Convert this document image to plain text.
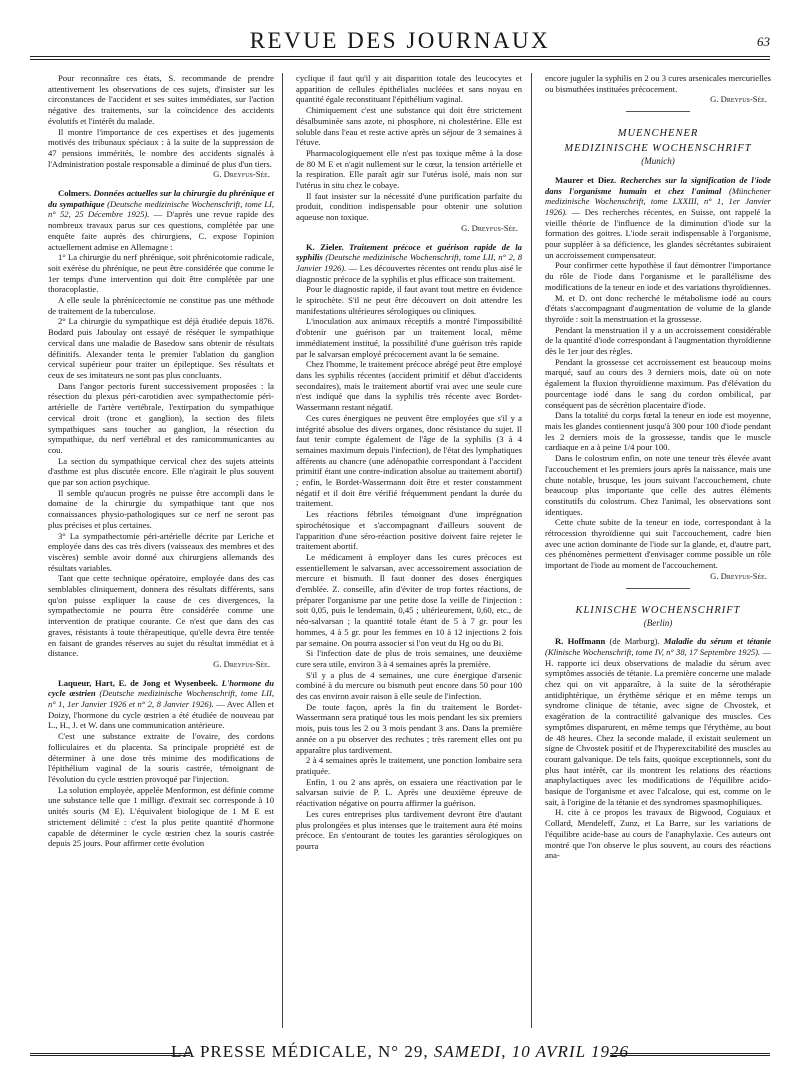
REVUE DES JOURNAUX	63

Pour reconnaître ces états, S. recommande de prendre attentivement les observations de ces sujets, d'insister sur les circonstances de l'accident et ses suites immédiates, sur l'action négative des traitements, sur la coïncidence des accidents évolutifs et l'intérêt du malade.

Il montre l'importance de ces expertises et des jugements motivés des tribunaux spéciaux : à la suite de la suppression de 47 pensions immérités, le nombre des accidents signalés à l'Administration postale responsable a diminué de plus d'un tiers.

G. Dreyfus-Sée.

Colmers. Données actuelles sur la chirurgie du phrénique et du sympathique (Deutsche medizinische Wochenschrift, tome LI, n° 52, 25 Décembre 1925). — D'après une revue rapide des nombreux travaux parus sur ces questions, complétée par une enquête faite auprès des chirurgiens, C. expose l'opinion actuellement admise en Allemagne :

1° La chirurgie du nerf phrénique, soit phrénicotomie radicale, soit exérèse du phrénique, ne peut être considérée que comme le 1er temps d'une intervention qui doit être complétée par une thoracoplastie.

A elle seule la phrénicectomie ne constitue pas une méthode de traitement de la tuberculose.

2° La chirurgie du sympathique est déjà étudiée depuis 1876. Bodard puis Jaboulay ont essayé de réséquer le sympathique cervical dans une maladie de Basedow sans obtenir de résultats définitifs. Alexander tenta le premier l'ablation du ganglion cervical supérieur pour traiter un épileptique. Ses résultats et ceux de ses imitateurs ne sont pas plus concluants.

Dans l'angor pectoris furent successivement proposées : la résection du plexus péri-carotidien avec sympathectomie péri-artérielle de l'artère vertébrale, l'extirpation du sympathique cervical droit (tronc et ganglion), la section des filets sympathiques sans toucher au ganglion, la résection du sympathique, du nerf vertébral et des ramicommunicantes au cou.

La section du sympathique cervical chez des sujets atteints d'asthme est plus discutée encore. Elle n'agirait le plus souvent que par son action psychique.

Il semble qu'aucun progrès ne puisse être accompli dans le domaine de la chirurgie du sympathique tant que nos connaissances physio-pathologiques sur ce nerf ne seront pas plus précises et plus certaines.

3° La sympathectomie péri-artérielle décrite par Leriche et employée dans des cas très divers (vaisseaux des membres et des viscères) semble avoir donné aux chirurgiens allemands des résultats variables.

Tant que cette technique opératoire, employée dans des cas semblables cliniquement, donnera des résultats différents, sans qu'on puisse expliquer la cause de ces divergences, la sympathectomie ne pourra être considérée comme une intervention de pratique courante. Ce n'est que dans des cas graves, résistants à toute thérapeutique, qu'elle devra être tentée en faisant de grandes réserves au sujet du résultat immédiat et à distance.

G. Dreyfus-Sée.

Laqueur, Hart, E. de Jong et Wysenbeek. L'hormone du cycle œstrien (Deutsche medizinische Wochenschrift, tome LII, n° 1, 1er Janvier 1926 et n° 2, 8 Janvier 1926). — Avec Allen et Doizy, l'hormone du cycle œstrien a été étudiée de nouveau par L., H., J. et W. dans une communication antérieure.

C'est une substance extraite de l'ovaire, des cordons folliculaires et du placenta. Sa principale propriété est de déterminer à une dose très minime des modifications de l'épithélium vaginal de la souris castrée, témoignant de l'évolution du cycle œstrien provoqué par l'injection.

La solution employée, appelée Menformon, est définie comme une substance telle que 1 milligr. d'extrait sec corresponde à 10 unités souris (M E). L'équivalent biologique de 1 M E est strictement délimité : c'est la plus petite quantité d'hormone capable de déterminer le cycle œstrien chez la souris castrée depuis 25 jours. Pour affirmer cette évolution

cyclique il faut qu'il y ait disparition totale des leucocytes et apparition de cellules épithéliales nucléées et sans noyau en quantité égale reconstituant l'épithélium vaginal.

Chimiquement c'est une substance qui doit être strictement désalbuminée sans azote, ni phosphore, ni cholestérine. Elle est soluble dans l'eau et reste active après un séjour de 3 semaines à l'étuve.

Pharmacologiquement elle n'est pas toxique même à la dose de 80 M E et n'agit nullement sur le cœur, la tension artérielle et la respiration. Elle paraît agir sur l'utérus isolé, mais non sur l'utérus in situ chez le cobaye.

Il faut insister sur la nécessité d'une purification parfaite du produit, condition indispensable pour obtenir une solution aqueuse non toxique.

G. Dreyfus-Sée.

K. Zieler. Traitement précoce et guérison rapide de la syphilis (Deutsche medizinische Wochenschrift, tome LII, n° 2, 8 Janvier 1926). — Les découvertes récentes ont rendu plus aisé le diagnostic précoce de la syphilis et plus efficace son traitement.

Pour le diagnostic rapide, il faut avant tout mettre en évidence le spirochète. S'il ne peut être découvert on doit attendre les manifestations ultérieures sérologiques ou cliniques.

L'inoculation aux animaux réceptifs a montré l'impossibilité d'obtenir une guérison par un traitement local, même immédiatement institué, la possibilité d'une guérison très rapide par le salvarsan employé précocement avant la 6e semaine.

Chez l'homme, le traitement précoce abrégé peut être employé dans les syphilis récentes (accident primitif et début d'accidents secondaires), mais le traitement abortif vrai avec une seule cure n'est indiqué que dans la syphilis très récente avec Bordet-Wassermann restant négatif.

Ces cures énergiques ne peuvent être employées que s'il y a intégrité absolue des divers organes, donc résistance du sujet. Il faut tenir compte également de l'âge de la syphilis (3 à 4 semaines maximum depuis l'infection), de l'état des lymphatiques afférents au chancre (une adénopathie correspondant à l'accident primitif étant une contre-indication absolue au traitement abortif) ; enfin, le Bordet-Wassermann doit être et rester constamment négatif et il doit être vérifié fréquemment pendant la durée du traitement.

Les réactions fébriles témoignant d'une imprégnation spirochétosique et s'accompagnant d'ailleurs souvent de l'apparition d'une séro-réaction positive doivent faire rejeter le traitement abortif.

Le médicament à employer dans les cures précoces est essentiellement le salvarsan, avec accessoirement association de mercure et bismuth. Il faut donner des doses énergiques d'emblée. Z. conseille, afin d'éviter de trop fortes réactions, de préparer l'organisme par une petite dose la veille de l'injection : soit 0,05, puis le lendemain, 0,45 ; ultérieurement, 0,60, etc., de néo-salvarsan ; la quantité totale étant de 5 à 7 gr. pour les hommes, 4 à 5 gr. pour les femmes en 10 à 12 injections 2 fois par semaine. On pourra associer si l'on veut du Hg ou du Bi.

Si l'infection date de plus de trois semaines, une deuxième cure sera utile, environ 3 à 4 semaines après la première.

S'il y a plus de 4 semaines, une cure énergique d'arsenic combiné à du mercure ou bismuth peut encore dans 50 pour 100 des cas environ avoir raison à elle seule de l'infection.

De toute façon, après la fin du traitement le Bordet-Wassermann sera pratiqué tous les mois pendant les six premiers mois, puis tous les 2 ou 3 mois pendant 3 ans. Dans la première année on a pu observer des rechutes ; très rarement elles ont pu apparaître plus tardivement.

2 à 4 semaines après le traitement, une ponction lombaire sera pratiquée.

Enfin, 1 ou 2 ans après, on essaiera une réactivation par le salvarsan suivie de P. L. Après une deuxième épreuve de réactivation négative on pourra affirmer la guérison.

Les cures entreprises plus tardivement devront être d'autant plus prolongées et plus intenses que le traitement aura été moins précoce. En s'entourant de toutes les garanties sérologiques on pourra

encore juguler la syphilis en 2 ou 3 cures arsenicales mercurielles ou bismuthées instituées précocement.

G. Dreyfus-Sée.

MUENCHENER
MEDIZINISCHE WOCHENSCHRIFT
(Munich)

Maurer et Diez. Recherches sur la signification de l'iode dans l'organisme humain et chez l'animal (Münchener medizinische Wochenschrift, tome LXXIII, n° 1, 1er Janvier 1926). — Des recherches récentes, en Suisse, ont rappelé la vieille théorie de l'influence de la diminution d'iode sur la formation des goitres. L'iode serait indispensable à l'organisme, pour suppléer à sa déficience, les glandes sécrétantes subiraient un accroissement compensateur.

Pour confirmer cette hypothèse il faut démontrer l'importance du rôle de l'iode dans l'organisme et le parallélisme des modifications de la teneur en iode et des variations thyroïdiennes.

M. et D. ont donc recherché le métabolisme iodé au cours d'états s'accompagnant d'augmentation de volume de la glande thyroïde : soit la menstruation et la grossesse.

Pendant la menstruation il y a un accroissement considérable de la quantité d'iode correspondant à l'augmentation thyroïdienne dès le 1er jour des règles.

Pendant la grossesse cet accroissement est beaucoup moins marqué, sauf au cours des 3 derniers mois, date où on note également la fluxion thyroïdienne maximum. Pas d'élévation du pourcentage iodé dans le sang du cordon ombilical, par conséquent pas de sécrétion placentaire d'iode.

Dans la totalité du corps fœtal la teneur en iode est moyenne, mais les glandes contiennent jusqu'à 300 pour 100 d'iode pendant les 2 derniers mois de la grossesse, tandis que le muscle cardiaque en a à peine 1/4 pour 100.

Dans le colostrum enfin, on note une teneur très élevée avant l'accouchement et les premiers jours après la naissance, mais une chute notable, brusque, les jours suivant l'accouchement, chute beaucoup plus importante que celle des autres éléments constitutifs du colostrum. Chez l'animal, les observations sont identiques.

Cette chute subite de la teneur en iode, correspondant à la rétrocession thyroïdienne qui suit l'accouchement, cadre bien avec une action dominante de l'iode sur la glande, et, d'autre part, ces phénomènes permettent d'envisager comme possible un rôle important de l'iode au moment de l'accouchement.

G. Dreyfus-Sée.

KLINISCHE WOCHENSCHRIFT
(Berlin)

R. Hoffmann (de Marburg). Maladie du sérum et tétanie (Klinische Wochenschrift, tome IV, n° 38, 17 Septembre 1925). — H. rapporte ici deux observations de maladie du sérum avec symptômes associés de tétanie. La première concerne une malade chez qui on vit apparaître, à la suite de la sérothérapie antidiphtérique, un érythème sérique et en même temps un syndrome clinique de tétanie, avec signe de Chvostek, et exagération de la contractilité galvanique des muscles. Ces symptômes disparurent, en même temps que l'érythème, au bout de 48 heures. Chez la seconde malade, il existait seulement un signe de Chvostek positif et de l'hyperexcitabilité des muscles au courant galvanique. De tels faits, quoique exceptionnels, sont du plus haut intérêt, car ils montrent les relations des réactions anaphylactiques avec les modifications de l'équilibre acido-basique de l'organisme et avec l'alcalose, qui est, comme on le sait, à l'origine de la tétanie et des syndromes spasmophiliques.

H. cite à ce propos les travaux de Bigwood, Coguiaux et Collard, Mendeleff, Zunz, et La Barre, sur les variations de l'équilibre acide-base au cours de l'anaphylaxie. Ces auteurs ont montré que l'on observe le plus souvent, au cours des réactions ana-

LA PRESSE MÉDICALE, N° 29, SAMEDI, 10 AVRIL 1926
